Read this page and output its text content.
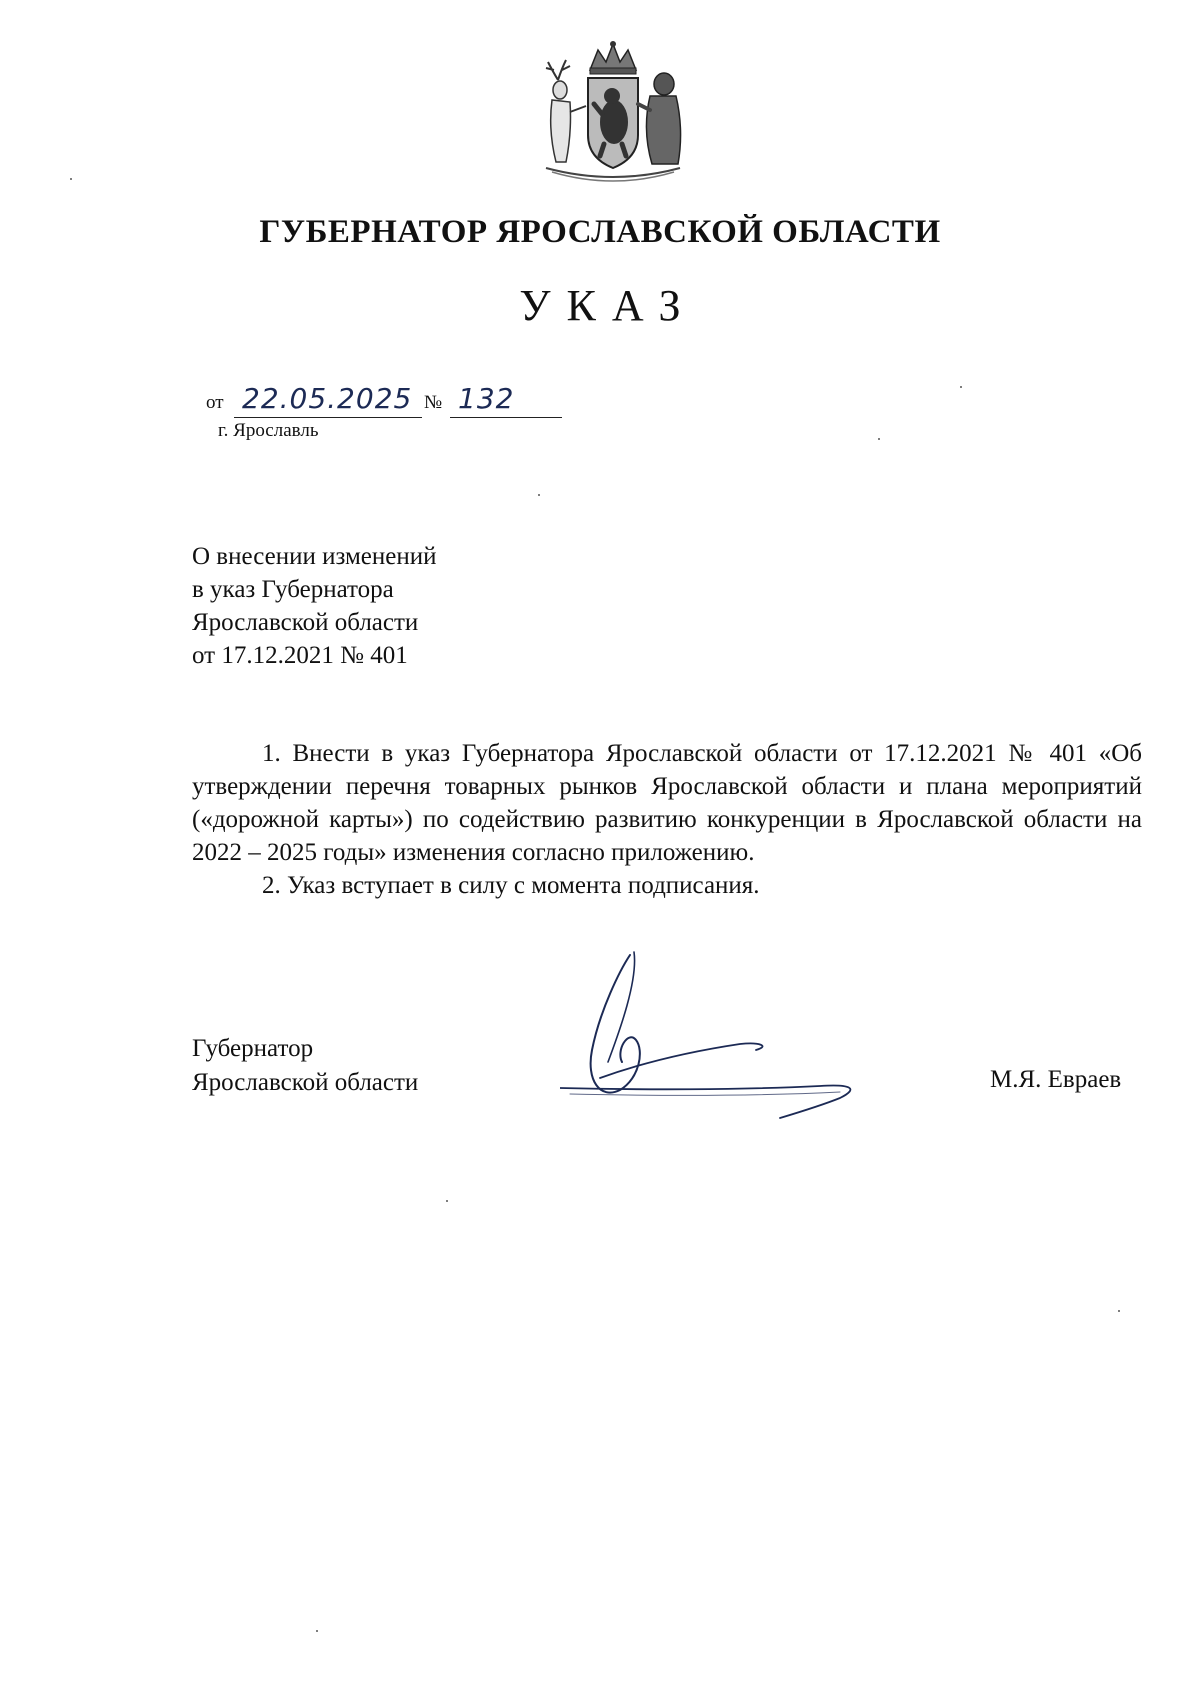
ГУБЕРНАТОР ЯРОСЛАВСКОЙ ОБЛАСТИ
УКАЗ
от 22.05.2025 № 132
г. Ярославль
О внесении изменений
в указ Губернатора
Ярославской области
от 17.12.2021 № 401

1. Внести в указ Губернатора Ярославской области от 17.12.2021 № 401 «Об утверждении перечня товарных рынков Ярославской области и плана мероприятий («дорожной карты») по содействию развитию конкуренции в Ярославской области на 2022 – 2025 годы» изменения согласно приложению.

2. Указ вступает в силу с момента подписания.

Губернатор
Ярославской области	М.Я. Евраев
